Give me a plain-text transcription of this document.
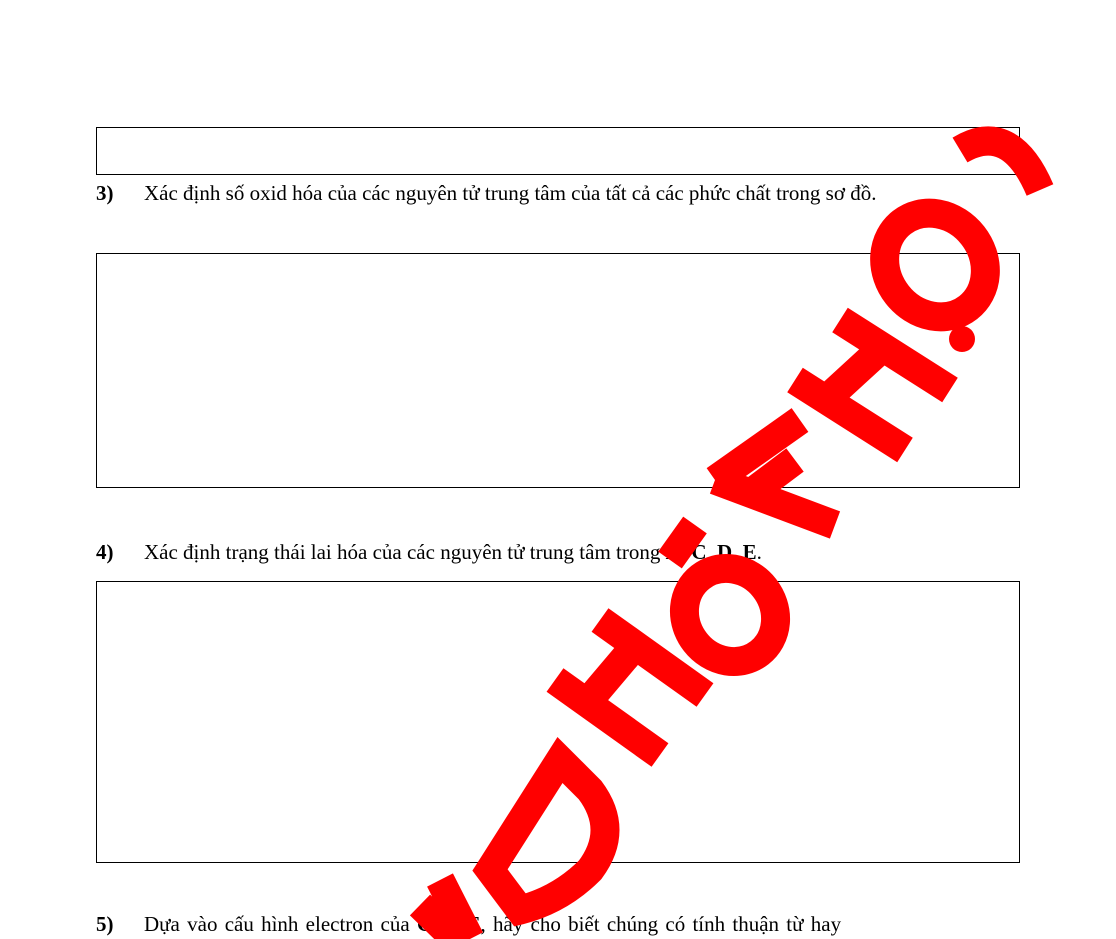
3) Xác định số oxid hóa của các nguyên tử trung tâm của tất cả các phức chất trong sơ đồ.
4) Xác định trạng thái lai hóa của các nguyên tử trung tâm trong A, C, D, E.
5) Dựa vào cấu hình electron của C và E, hãy cho biết chúng có tính thuận từ hay
